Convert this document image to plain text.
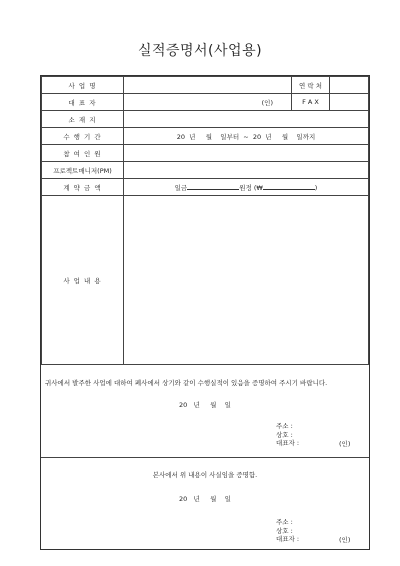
실적증명서(사업용)
사 업 명		연 락 처	
대 표 자	(인)	F A X	
소 재 지			
수 행 기 간	20  년     월    일부터  ~  20  년     월    일까지		
참 여 인 원			
프로젝트매니저(PM)			
계 약 금 액	일금 원정 (₩ )		
사 업 내 용			
귀사에서 발주한 사업에 대하여 폐사에서 상기와 같이 수행실적이 있음을 증명하여 주시기 바랍니다.
20   년     월    일
주소 :
상호 :
대표자 :	(인)
본사에서 위 내용이 사실임을 증명함.
20   년     월    일
주소 :
상호 :
대표자 :	(인)
